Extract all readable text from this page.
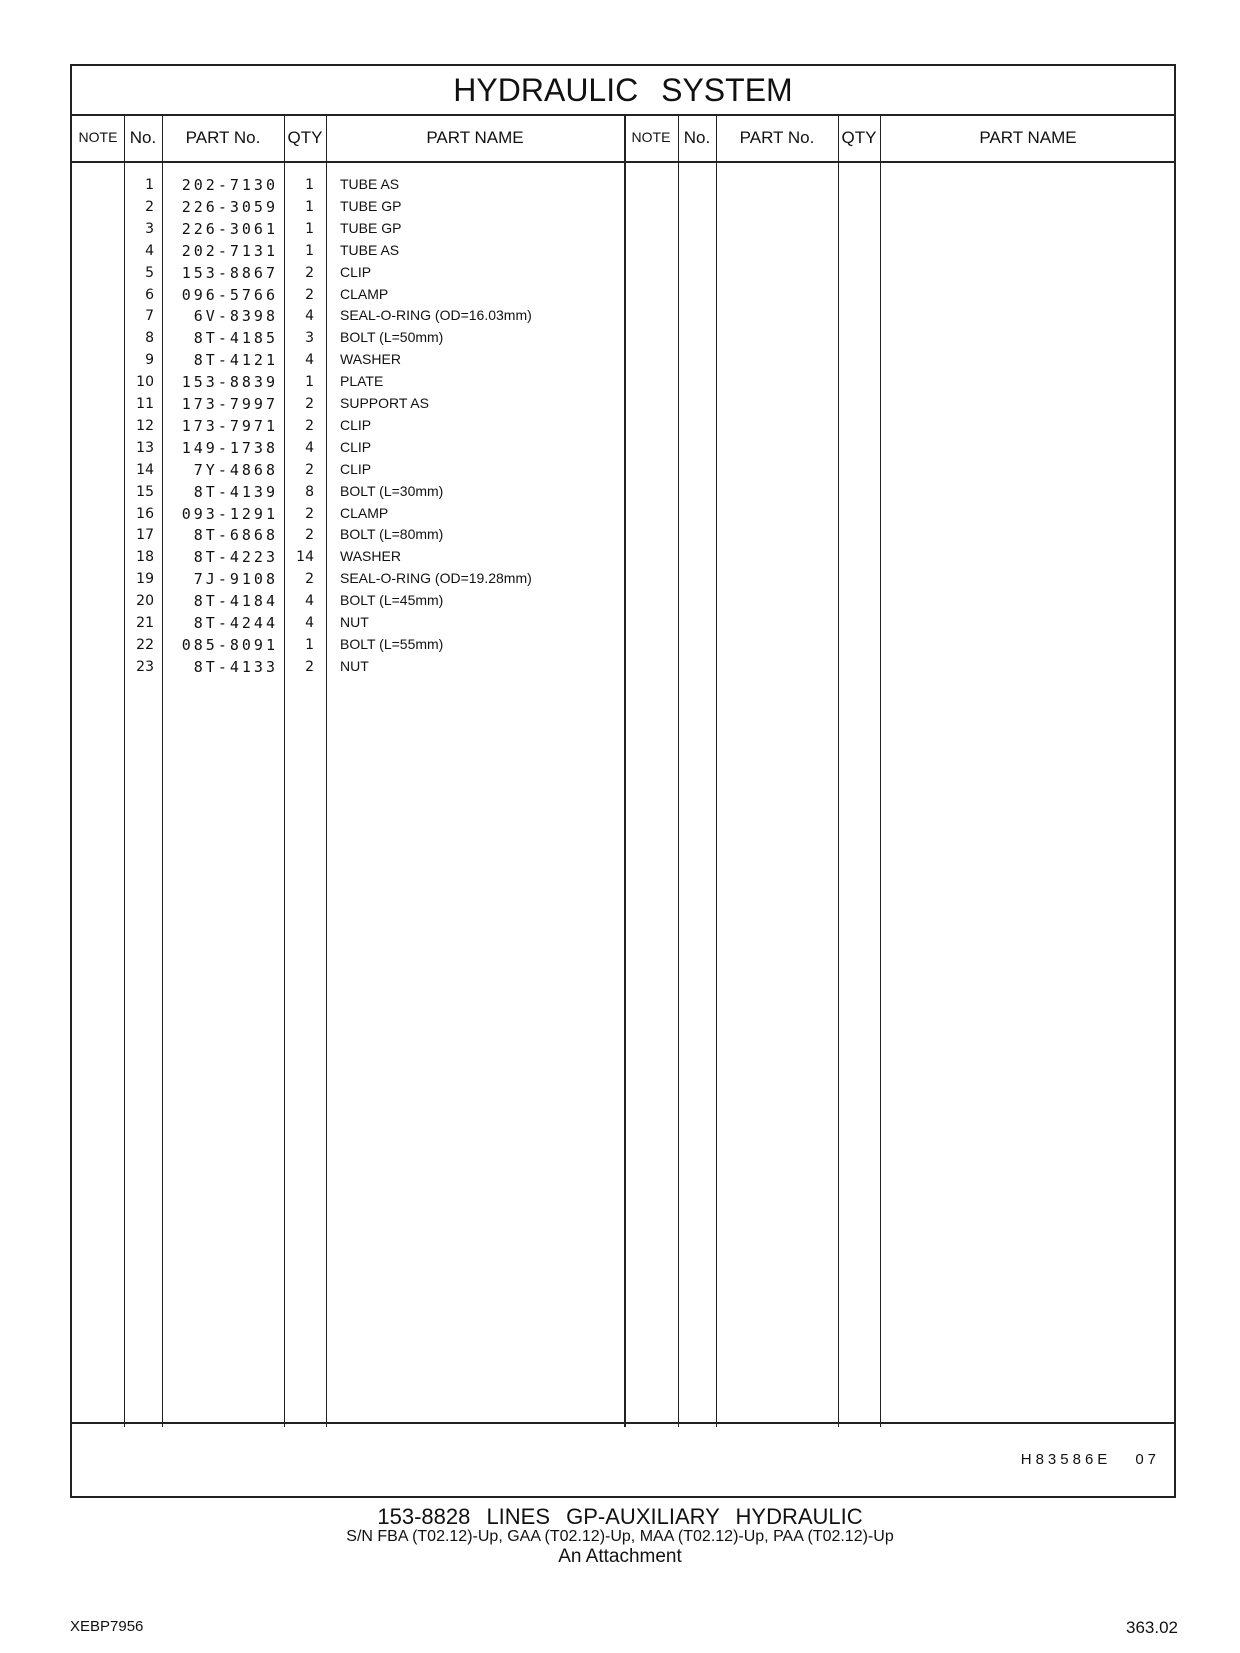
HYDRAULIC SYSTEM
NOTE No.	PART No.	QTY	PART NAME	NOTE No.	PART No.	QTY	PART NAME
1	202-7130	1 TUBE AS
2	226-3059	1 TUBE GP
3	226-3061	1 TUBE GP
4	202-7131	1 TUBE AS
5	153-8867	2 CLIP
6	096-5766	2 CLAMP
7	6V-8398	4 SEAL-O-RING (OD=16.03mm)
8	8T-4185	3 BOLT (L=50mm)
9	8T-4121	4 WASHER
10	153-8839	1 PLATE
11	173-7997	2 SUPPORT AS
12	173-7971	2 CLIP
13	149-1738	4 CLIP
14	7Y-4868	2 CLIP
15	8T-4139	8 BOLT (L=30mm)
16	093-1291	2 CLAMP
17	8T-6868	2 BOLT (L=80mm)
18	8T-4223	14 WASHER
19	7J-9108	2 SEAL-O-RING (OD=19.28mm)
20	8T-4184	4 BOLT (L=45mm)
21	8T-4244	4 NUT
22	085-8091	1 BOLT (L=55mm)
23	8T-4133	2 NUT
H83586E 07
153-8828 LINES GP-AUXILIARY HYDRAULIC
S/N FBA (T02.12)-Up, GAA (T02.12)-Up, MAA (T02.12)-Up, PAA (T02.12)-Up
An Attachment
XEBP7956	363.02
